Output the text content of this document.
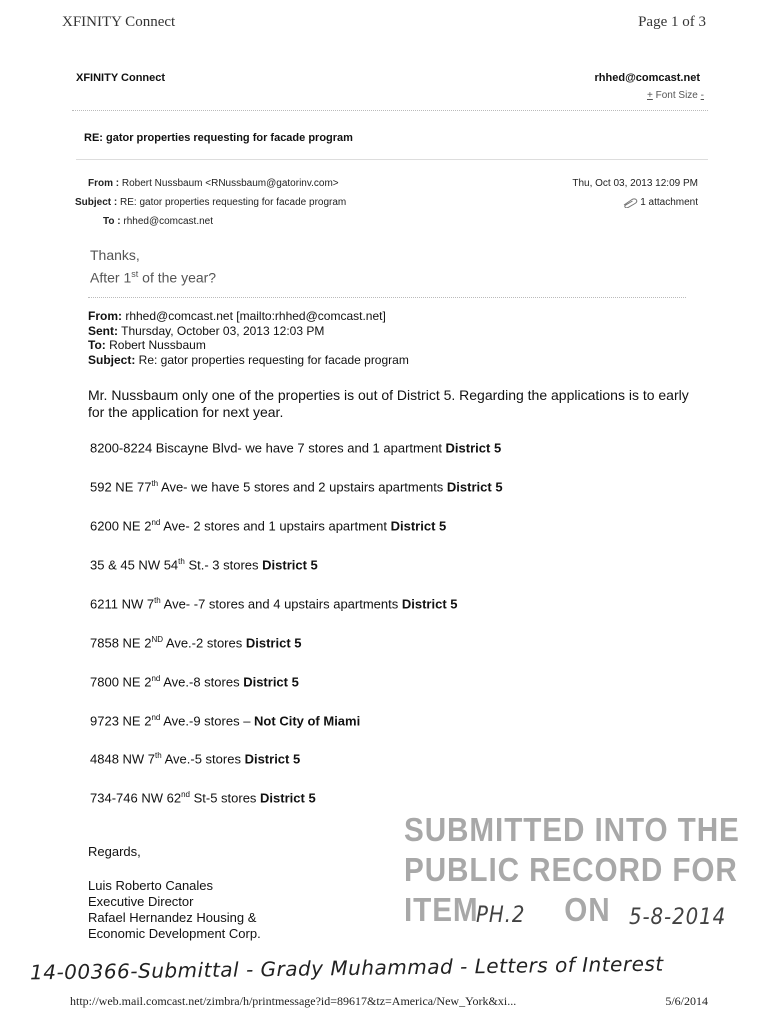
XFINITY Connect	Page 1 of 3
XFINITY Connect	rhhed@comcast.net
+ Font Size -
RE: gator properties requesting for facade program
From : Robert Nussbaum <RNussbaum@gatorinv.com>
Subject : RE: gator properties requesting for facade program
To : rhhed@comcast.net
Thu, Oct 03, 2013 12:09 PM
1 attachment
Thanks,
After 1st of the year?
From: rhhed@comcast.net [mailto:rhhed@comcast.net]
Sent: Thursday, October 03, 2013 12:03 PM
To: Robert Nussbaum
Subject: Re: gator properties requesting for facade program
Mr. Nussbaum only one of the properties is out of District 5. Regarding the applications is to early for the application for next year.
8200-8224 Biscayne Blvd- we have 7 stores and 1 apartment District 5
592 NE 77th Ave- we have 5 stores and 2 upstairs apartments District 5
6200 NE 2nd Ave- 2 stores and 1 upstairs apartment District 5
35 & 45 NW 54th St.- 3 stores District 5
6211 NW 7th Ave- -7 stores and 4 upstairs apartments District 5
7858 NE 2ND Ave.-2 stores District 5
7800 NE 2nd Ave.-8 stores District 5
9723 NE 2nd Ave.-9 stores – Not City of Miami
4848 NW 7th Ave.-5 stores District 5
734-746 NW 62nd St-5 stores District 5
Regards,
Luis Roberto Canales
Executive Director
Rafael Hernandez Housing &
Economic Development Corp.
SUBMITTED INTO THE
PUBLIC RECORD FOR
ITEM
PH.2 ON 5-8-2014
14-00366-Submittal - Grady Muhammad - Letters of Interest
http://web.mail.comcast.net/zimbra/h/printmessage?id=89617&tz=America/New_York&xi...	5/6/2014
